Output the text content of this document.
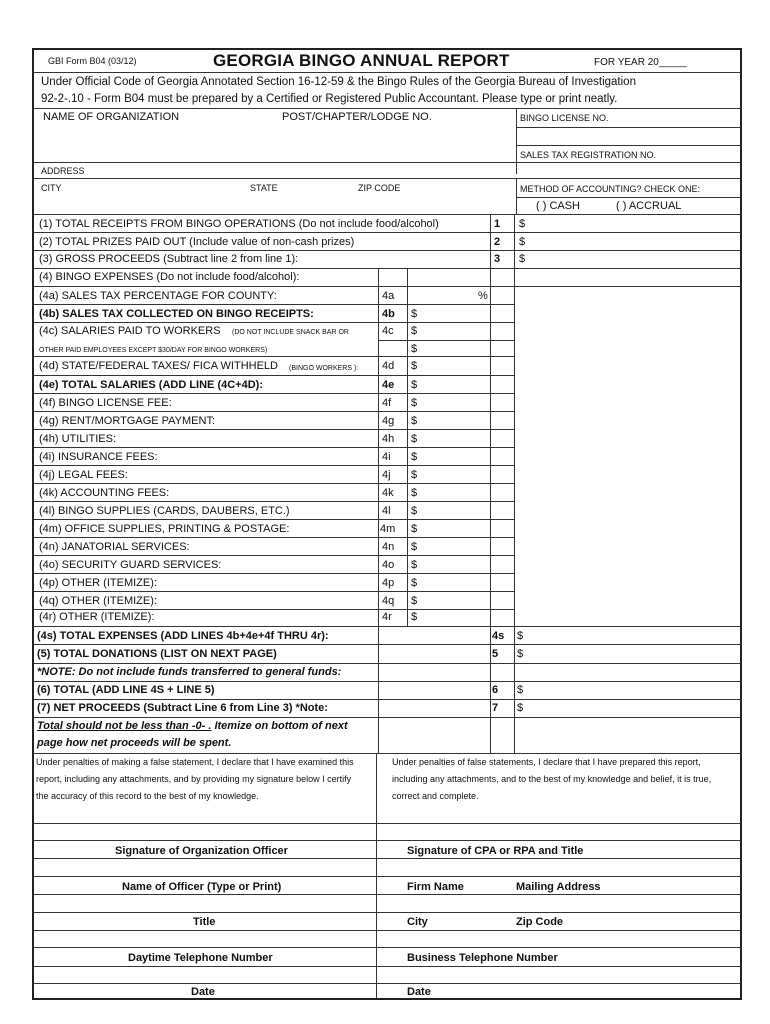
GBI Form B04 (03/12)	GEORGIA BINGO ANNUAL REPORT	FOR YEAR 20_____
Under Official Code of Georgia Annotated Section 16-12-59 & the Bingo Rules of the Georgia Bureau of Investigation
92-2-.10 - Form B04 must be prepared by a Certified or Registered Public Accountant. Please type or print neatly.
NAME OF ORGANIZATION	POST/CHAPTER/LODGE NO.	BINGO LICENSE NO.
SALES TAX REGISTRATION NO.
ADDRESS
CITY	STATE	ZIP CODE	METHOD OF ACCOUNTING? CHECK ONE:
( ) CASH	( ) ACCRUAL
(1) TOTAL RECEIPTS FROM BINGO OPERATIONS (Do not include food/alcohol)	1 $
(2) TOTAL PRIZES PAID OUT (Include value of non-cash prizes)	2 $
(3) GROSS PROCEEDS (Subtract line 2 from line 1):	3 $
(4) BINGO EXPENSES (Do not include food/alcohol):
(4a) SALES TAX PERCENTAGE FOR COUNTY:	4a	%
(4b) SALES TAX COLLECTED ON BINGO RECEIPTS:	4b $
(4c) SALARIES PAID TO WORKERS (DO NOT INCLUDE SNACK BAR OR	4c $
OTHER PAID EMPLOYEES EXCEPT $30/DAY FOR BINGO WORKERS)	$
(4d) STATE/FEDERAL TAXES/ FICA WITHHELD (BINGO WORKERS ): 4d $
(4e) TOTAL SALARIES (ADD LINE (4C+4D):	4e $
(4f) BINGO LICENSE FEE:	4f $
(4g) RENT/MORTGAGE PAYMENT:	4g $
(4h) UTILITIES:	4h $
(4i) INSURANCE FEES:	4i $
(4j) LEGAL FEES:	4j $
(4k) ACCOUNTING FEES:	4k $
(4l) BINGO SUPPLIES (CARDS, DAUBERS, ETC.)	4l $
(4m) OFFICE SUPPLIES, PRINTING & POSTAGE:	4m $
(4n) JANATORIAL SERVICES:	4n $
(4o) SECURITY GUARD SERVICES:	4o $
(4p) OTHER (ITEMIZE):	4p $
(4q) OTHER (ITEMIZE):	4q $
(4r) OTHER (ITEMIZE):	4r $
(4s) TOTAL EXPENSES (ADD LINES 4b+4e+4f THRU 4r):	4s $
(5) TOTAL DONATIONS (LIST ON NEXT PAGE)	5 $
*NOTE: Do not include funds transferred to general funds:
(6) TOTAL (ADD LINE 4S + LINE 5)	6 $
(7) NET PROCEEDS (Subtract Line 6 from Line 3) *Note:	7 $
Total should not be less than -0- . Itemize on bottom of next
page how net proceeds will be spent.
Under penalties of making a false statement, I declare that I have examined this report, including any attachments, and by providing my signature below I certify the accuracy of this record to the best of my knowledge.
Under penalties of false statements, I declare that I have prepared this report, including any attachments, and to the best of my knowledge and belief, it is true, correct and complete.
Signature of Organization Officer	Signature of CPA or RPA and Title
Name of Officer (Type or Print)	Firm Name	Mailing Address
Title	City	Zip Code
Daytime Telephone Number	Business Telephone Number
Date	Date
